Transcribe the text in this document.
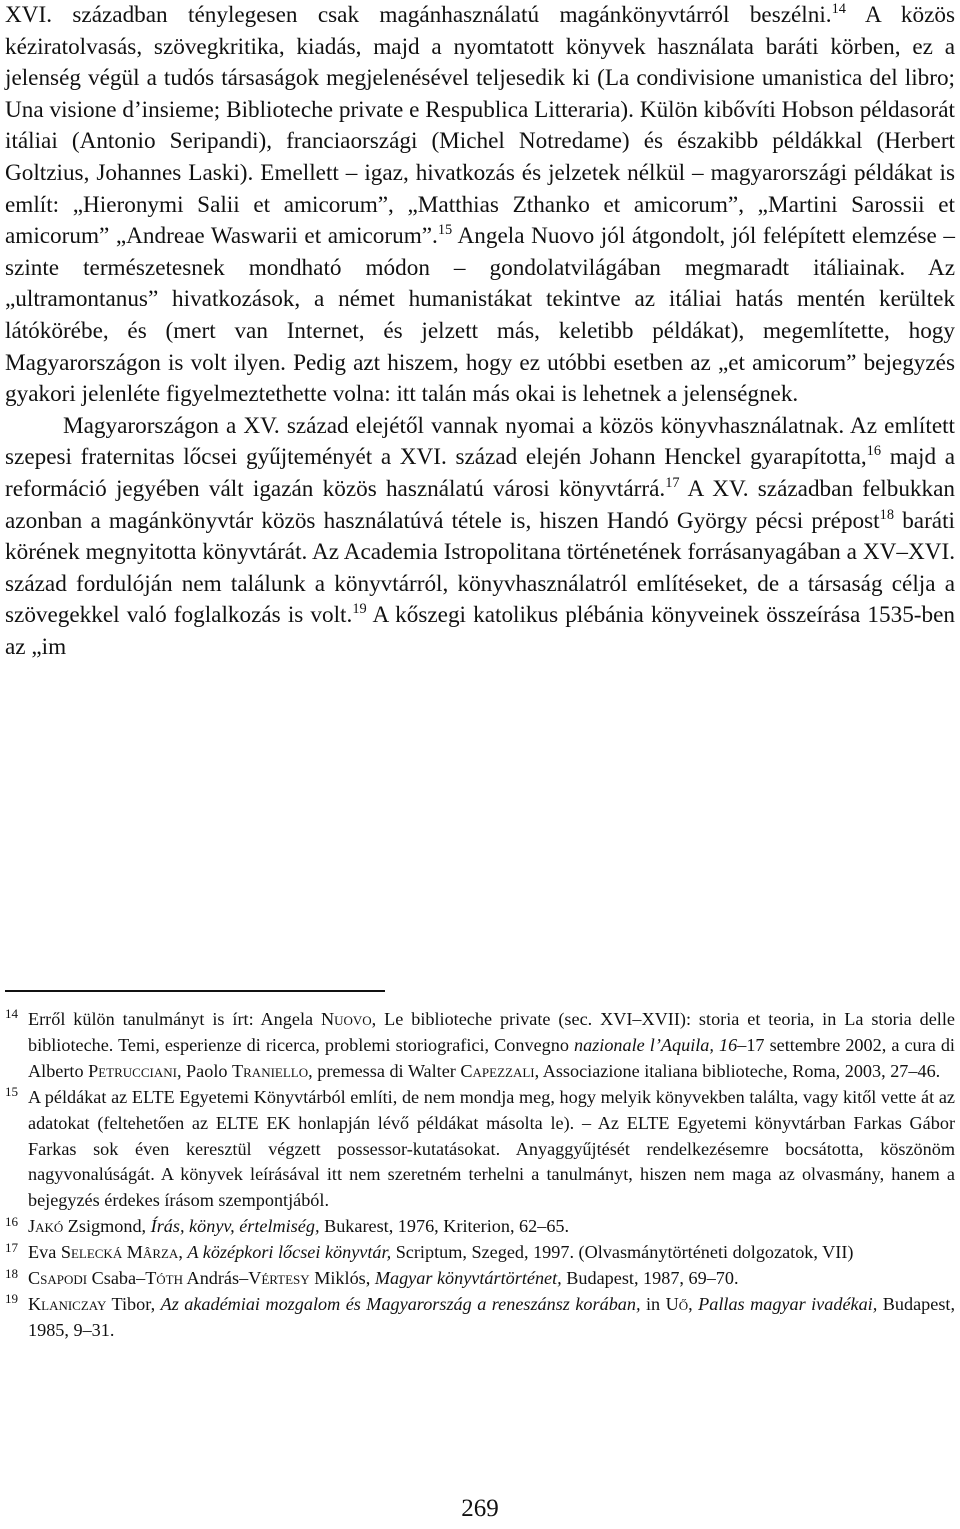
XVI. században ténylegesen csak magánhasználatú magánkönyvtárról beszélni.$^{14}$ A közös kéziratolvasás, szövegkritika, kiadás, majd a nyomtatott könyvek használata baráti körben, ez a jelenség végül a tudós társaságok megjelenésével teljesedik ki (La condivisione umanistica del libro; Una visione d’insieme; Biblioteche private e Respublica Litteraria). Külön kibővíti Hobson példasorát itáliai (Antonio Seripandi), franciaországi (Michel Notredame) és északibb példákkal (Herbert Goltzius, Johannes Laski). Emellett – igaz, hivatkozás és jelzetek nélkül – magyarországi példákat is említ: „Hieronymi Salii et amicorum”, „Matthias Zthanko et amicorum”, „Martini Sarossii et amicorum” „Andreae Waswarii et amicorum”.$^{15}$ Angela Nuovo jól átgondolt, jól felépített elemzése – szinte természetesnek mondható módon – gondolatvilágában megmaradt itáliainak. Az „ultramontanus” hivatkozások, a német humanistákat tekintve az itáliai hatás mentén kerültek látókörébe, és (mert van Internet, és jelzett más, keletibb példákat), megemlítette, hogy Magyarországon is volt ilyen. Pedig azt hiszem, hogy ez utóbbi esetben az „et amicorum” bejegyzés gyakori jelenléte figyelmeztethette volna: itt talán más okai is lehetnek a jelenségnek.

Magyarországon a XV. század elejétől vannak nyomai a közös könyvhasználatnak. Az említett szepesi fraternitas lőcsei gyűjteményét a XVI. század elején Johann Henckel gyarapította,$^{16}$ majd a reformáció jegyében vált igazán közös használatú városi könyvtárrá.$^{17}$ A XV. században felbukkan azonban a magánkönyvtár közös használatúvá tétele is, hiszen Handó György pécsi prépost$^{18}$ baráti körének megnyitotta könyvtárát. Az Academia Istropolitana történetének forrásanyagában a XV–XVI. század fordulóján nem találunk a könyvtárról, könyvhasználatról említéseket, de a társaság célja a szövegekkel való foglalkozás is volt.$^{19}$ A kőszegi katolikus plébánia könyveinek összeírása 1535-ben az „im

14 Erről külön tanulmányt is írt: Angela Nuovo, Le biblioteche private (sec. XVI–XVII): storia et teoria, in La storia delle biblioteche. Temi, esperienze di ricerca, problemi storiografici, Convegno nazionale l’Aquila, 16–17 settembre 2002, a cura di Alberto Petrucciani, Paolo Traniello, premessa di Walter Capezzali, Associazione italiana biblioteche, Roma, 2003, 27–46.

15 A példákat az ELTE Egyetemi Könyvtárból említi, de nem mondja meg, hogy melyik könyvekben találta, vagy kitől vette át az adatokat (feltehetően az ELTE EK honlapján lévő példákat másolta le). – Az ELTE Egyetemi könyvtárban Farkas Gábor Farkas sok éven keresztül végzett possessor-kutatásokat. Anyaggyűjtését rendelkezésemre bocsátotta, köszönöm nagyvonalúságát. A könyvek leírásával itt nem szeretném terhelni a tanulmányt, hiszen nem maga az olvasmány, hanem a bejegyzés érdekes írásom szempontjából.

16 Jakó Zsigmond, Írás, könyv, értelmiség, Bukarest, 1976, Kriterion, 62–65.

17 Eva Selecká Mârza, A középkori lőcsei könyvtár, Scriptum, Szeged, 1997. (Olvasmánytörténeti dolgozatok, VII)

18 Csapodi Csaba–Tóth András–Vértesy Miklós, Magyar könyvtártörténet, Budapest, 1987, 69–70.

19 Klaniczay Tibor, Az akadémiai mozgalom és Magyarország a reneszánsz korában, in Uő, Pallas magyar ivadékai, Budapest, 1985, 9–31.

269
